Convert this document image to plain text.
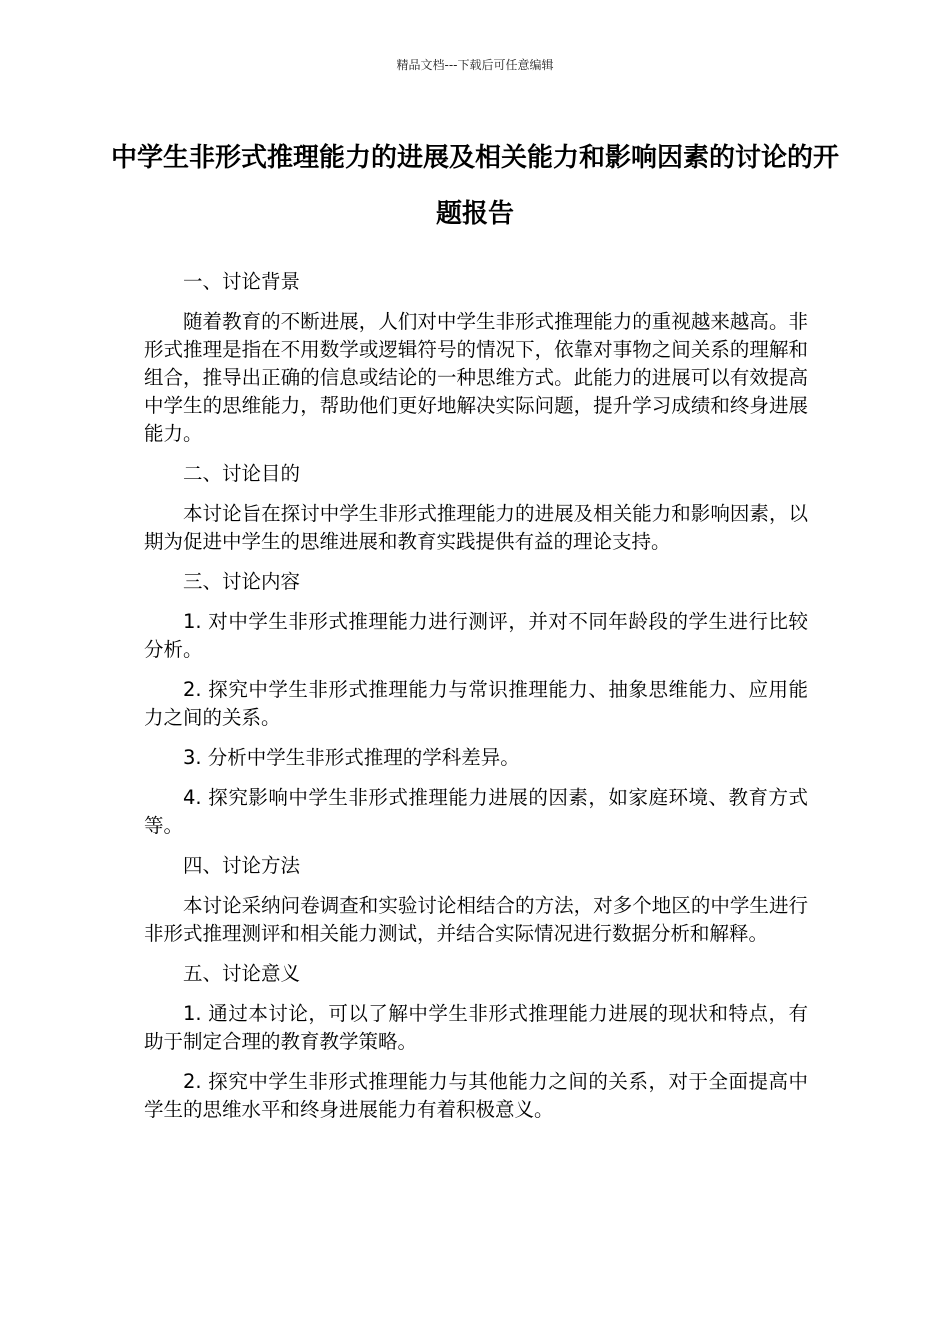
精品文档---下载后可任意编辑
中学生非形式推理能力的进展及相关能力和影响因素的讨论的开题报告

一、讨论背景

随着教育的不断进展，人们对中学生非形式推理能力的重视越来越高。非形式推理是指在不用数学或逻辑符号的情况下，依靠对事物之间关系的理解和组合，推导出正确的信息或结论的一种思维方式。此能力的进展可以有效提高中学生的思维能力，帮助他们更好地解决实际问题，提升学习成绩和终身进展能力。

二、讨论目的

本讨论旨在探讨中学生非形式推理能力的进展及相关能力和影响因素，以期为促进中学生的思维进展和教育实践提供有益的理论支持。

三、讨论内容

1. 对中学生非形式推理能力进行测评，并对不同年龄段的学生进行比较分析。

2. 探究中学生非形式推理能力与常识推理能力、抽象思维能力、应用能力之间的关系。

3. 分析中学生非形式推理的学科差异。

4. 探究影响中学生非形式推理能力进展的因素，如家庭环境、教育方式等。

四、讨论方法

本讨论采纳问卷调查和实验讨论相结合的方法，对多个地区的中学生进行非形式推理测评和相关能力测试，并结合实际情况进行数据分析和解释。

五、讨论意义

1. 通过本讨论，可以了解中学生非形式推理能力进展的现状和特点，有助于制定合理的教育教学策略。

2. 探究中学生非形式推理能力与其他能力之间的关系，对于全面提高中学生的思维水平和终身进展能力有着积极意义。
